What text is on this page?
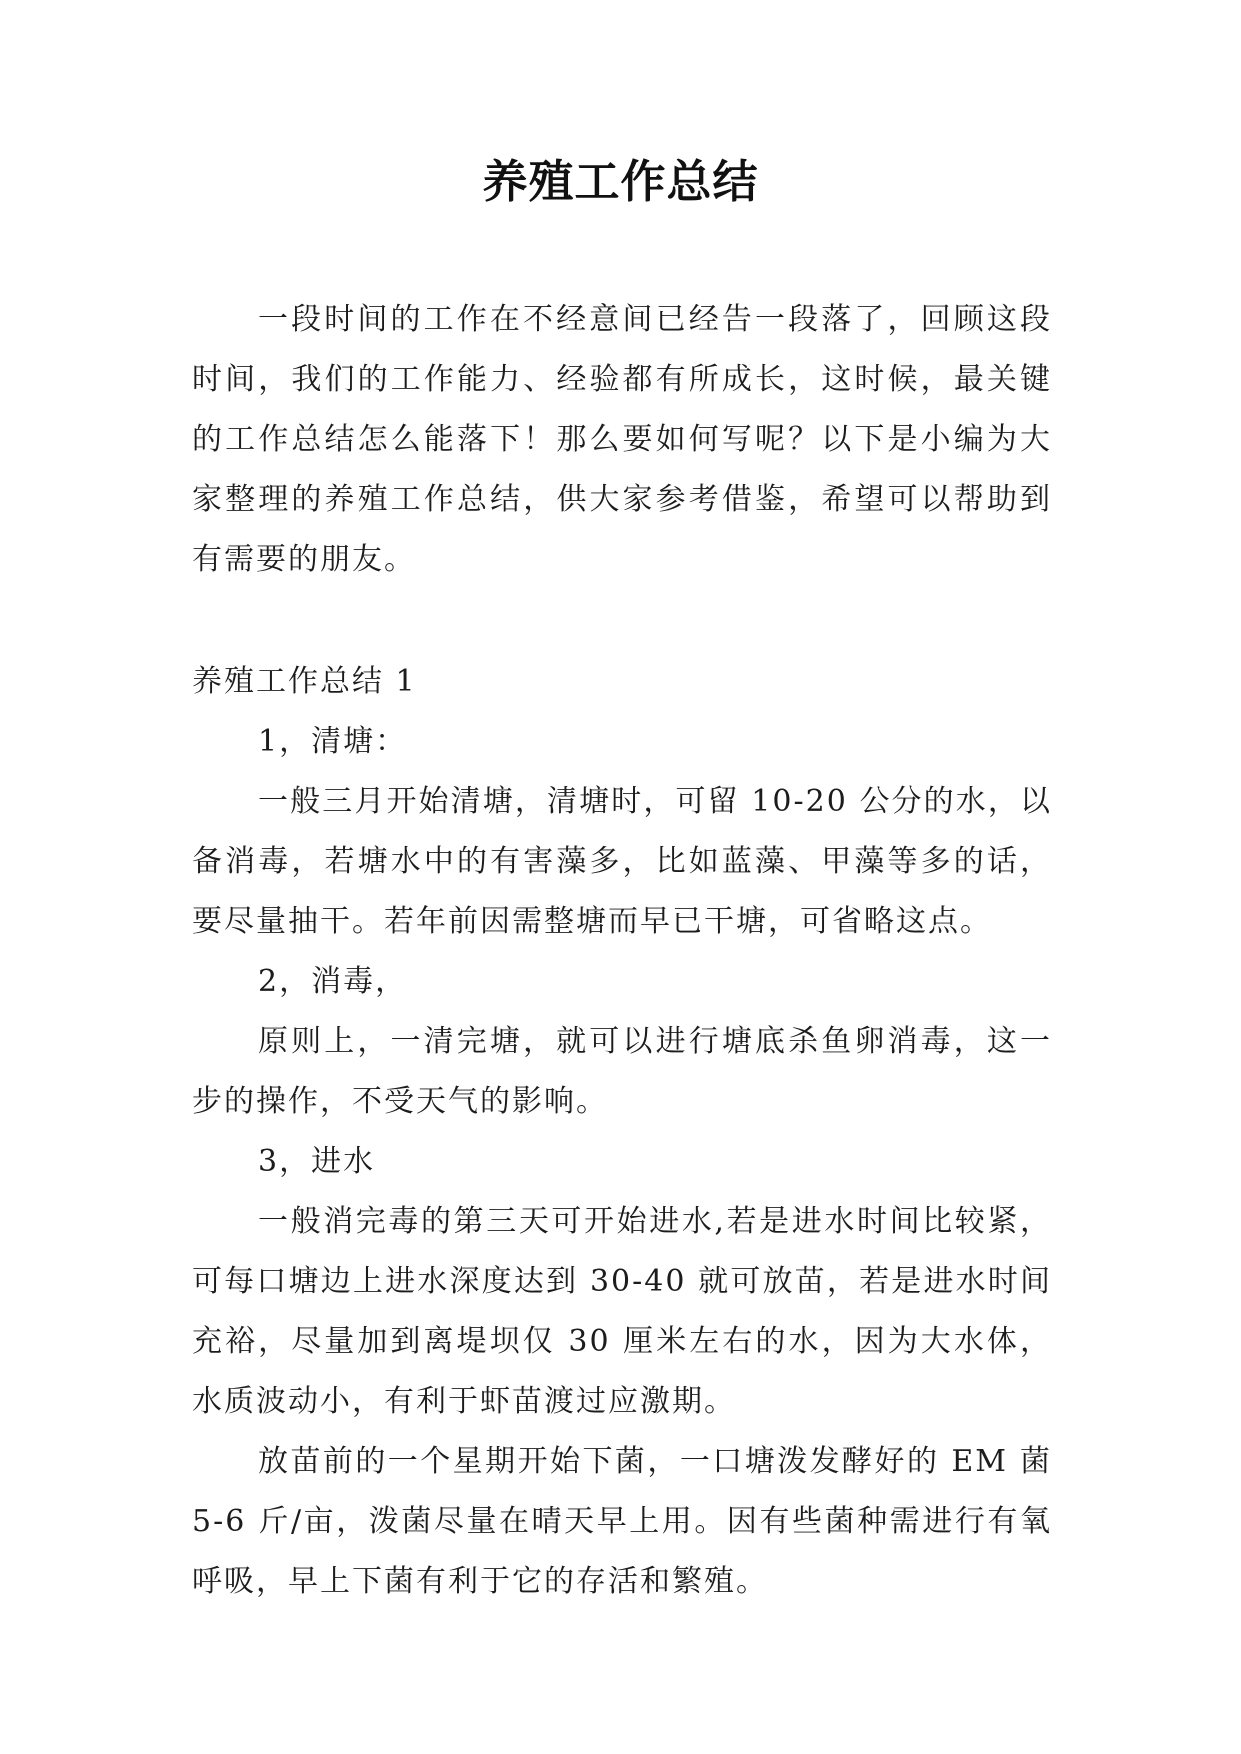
养殖工作总结

一段时间的工作在不经意间已经告一段落了，回顾这段时间，我们的工作能力、经验都有所成长，这时候，最关键的工作总结怎么能落下！那么要如何写呢？以下是小编为大家整理的养殖工作总结，供大家参考借鉴，希望可以帮助到有需要的朋友。

养殖工作总结 1

1，清塘：

一般三月开始清塘，清塘时，可留 10-20 公分的水，以备消毒，若塘水中的有害藻多，比如蓝藻、甲藻等多的话，要尽量抽干。若年前因需整塘而早已干塘，可省略这点。

2，消毒，

原则上，一清完塘，就可以进行塘底杀鱼卵消毒，这一步的操作，不受天气的影响。

3，进水

一般消完毒的第三天可开始进水,若是进水时间比较紧，可每口塘边上进水深度达到 30-40 就可放苗，若是进水时间充裕，尽量加到离堤坝仅 30 厘米左右的水，因为大水体，水质波动小，有利于虾苗渡过应激期。

放苗前的一个星期开始下菌，一口塘泼发酵好的 EM 菌 5-6 斤/亩，泼菌尽量在晴天早上用。因有些菌种需进行有氧呼吸，早上下菌有利于它的存活和繁殖。
